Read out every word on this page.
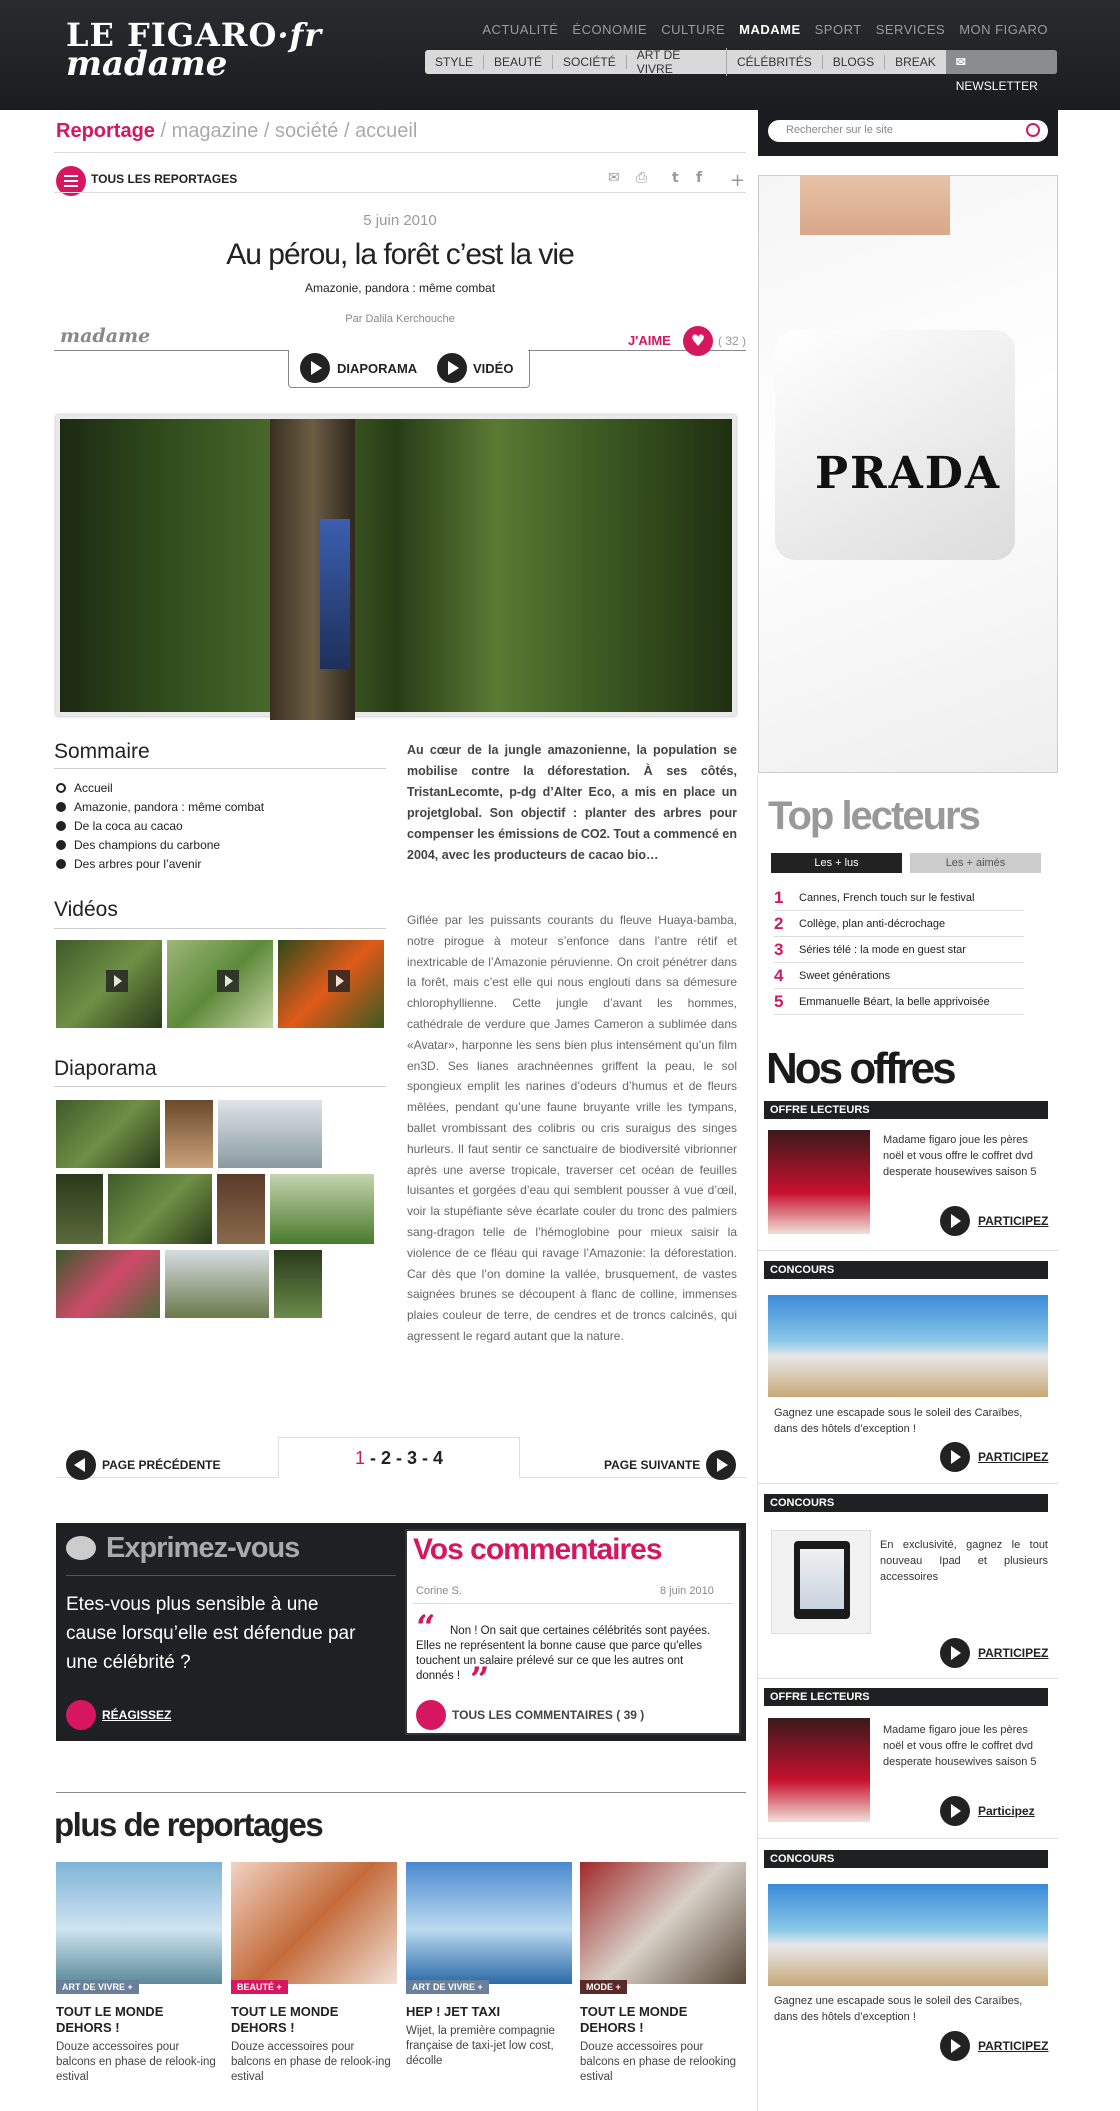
LE FIGARO·fr
madame
ACTUALITÉ ÉCONOMIE CULTURE MADAME SPORT SERVICES MON FIGARO
STYLE	BEAUTÉ	SOCIÉTÉ	ART DE VIVRE	CÉLÉBRITÉS	BLOGS	BREAK	✉ NEWSLETTER
Rechercher sur le site
Reportage / magazine / société / accueil
TOUS LES REPORTAGES	✉	⎙	t	f	+
5 juin 2010
Au pérou, la forêt c’est la vie
Amazonie, pandora : même combat
Par Dalila Kerchouche
madame
DIAPORAMA	VIDÉO
J'AIME	♥	( 32 )
Sommaire
Accueil
Amazonie, pandora : même combat
De la coca au cacao
Des champions du carbone
Des arbres pour l’avenir
Vidéos
Diaporama
Au cœur de la jungle amazonienne, la population se mobilise contre la déforestation. À ses côtés, TristanLecomte, p-dg d’Alter Eco, a mis en place un projetglobal. Son objectif : planter des arbres pour compenser les émissions de CO2. Tout a commencé en 2004, avec les producteurs de cacao bio…
Giflée par les puissants courants du fleuve Huaya-bamba, notre pirogue à moteur s’enfonce dans l’antre rétif et inextricable de l’Amazonie péruvienne. On croit pénétrer dans la forêt, mais c’est elle qui nous englouti dans sa démesure chlorophyllienne. Cette jungle d’avant les hommes, cathédrale de verdure que James Cameron a sublimée dans «Avatar», harponne les sens bien plus intensément qu’un film en3D. Ses lianes arachnéennes griffent la peau, le sol spongieux emplit les narines d’odeurs d’humus et de fleurs mêlées, pendant qu’une faune bruyante vrille les tympans, ballet vrombissant des colibris ou cris suraigus des singes hurleurs. Il faut sentir ce sanctuaire de biodiversité vibrionner après une averse tropicale, traverser cet océan de feuilles luisantes et gorgées d’eau qui semblent pousser à vue d’œil, voir la stupéfiante sève écarlate couler du tronc des palmiers sang-dragon telle de l’hémoglobine pour mieux saisir la violence de ce fléau qui ravage l’Amazonie: la déforestation. Car dès que l’on domine la vallée, brusquement, de vastes saignées brunes se découpent à flanc de colline, immenses plaies couleur de terre, de cendres et de troncs calcinés, qui agressent le regard autant que la nature.
PAGE PRÉCÉDENTE	1 - 2 - 3 - 4	PAGE SUIVANTE
Exprimez-vous
Etes-vous plus sensible à une cause lorsqu’elle est défendue par une célébrité ?
RÉAGISSEZ
Vos commentaires
Corine S.	8 juin 2010
“	Non ! On sait que certaines célébrités sont payées. Elles ne représentent la bonne cause que parce qu'elles touchent un salaire prélevé sur ce que les autres ont donnés ! ”
TOUS LES COMMENTAIRES ( 39 )
plus de reportages
ART DE VIVRE +
TOUT LE MONDE DEHORS !
Douze accessoires pour balcons en phase de relook-ing estival
BEAUTÉ +
TOUT LE MONDE DEHORS !
Douze accessoires pour balcons en phase de relook-ing estival
ART DE VIVRE +
HEP ! JET TAXI
Wijet, la première compagnie française de taxi-jet low cost, décolle
MODE +
TOUT LE MONDE DEHORS !
Douze accessoires pour balcons en phase de relooking estival
PRADA
Top lecteurs
Les + lus	Les + aimés
1	Cannes, French touch sur le festival
2	Collège, plan anti-décrochage
3	Séries télé : la mode en guest star
4	Sweet générations
5	Emmanuelle Béart, la belle apprivoisée
Nos offres
OFFRE LECTEURS
Madame figaro joue les pères noël et vous offre le coffret dvd desperate housewives saison 5
PARTICIPEZ
CONCOURS
Gagnez une escapade sous le soleil des Caraïbes, dans des hôtels d’exception !
PARTICIPEZ
CONCOURS
En exclusivité, gagnez le tout nouveau Ipad et plusieurs accessoires
PARTICIPEZ
OFFRE LECTEURS
Madame figaro joue les pères noël et vous offre le coffret dvd desperate housewives saison 5
Participez
CONCOURS
Gagnez une escapade sous le soleil des Caraïbes, dans des hôtels d’exception !
PARTICIPEZ
